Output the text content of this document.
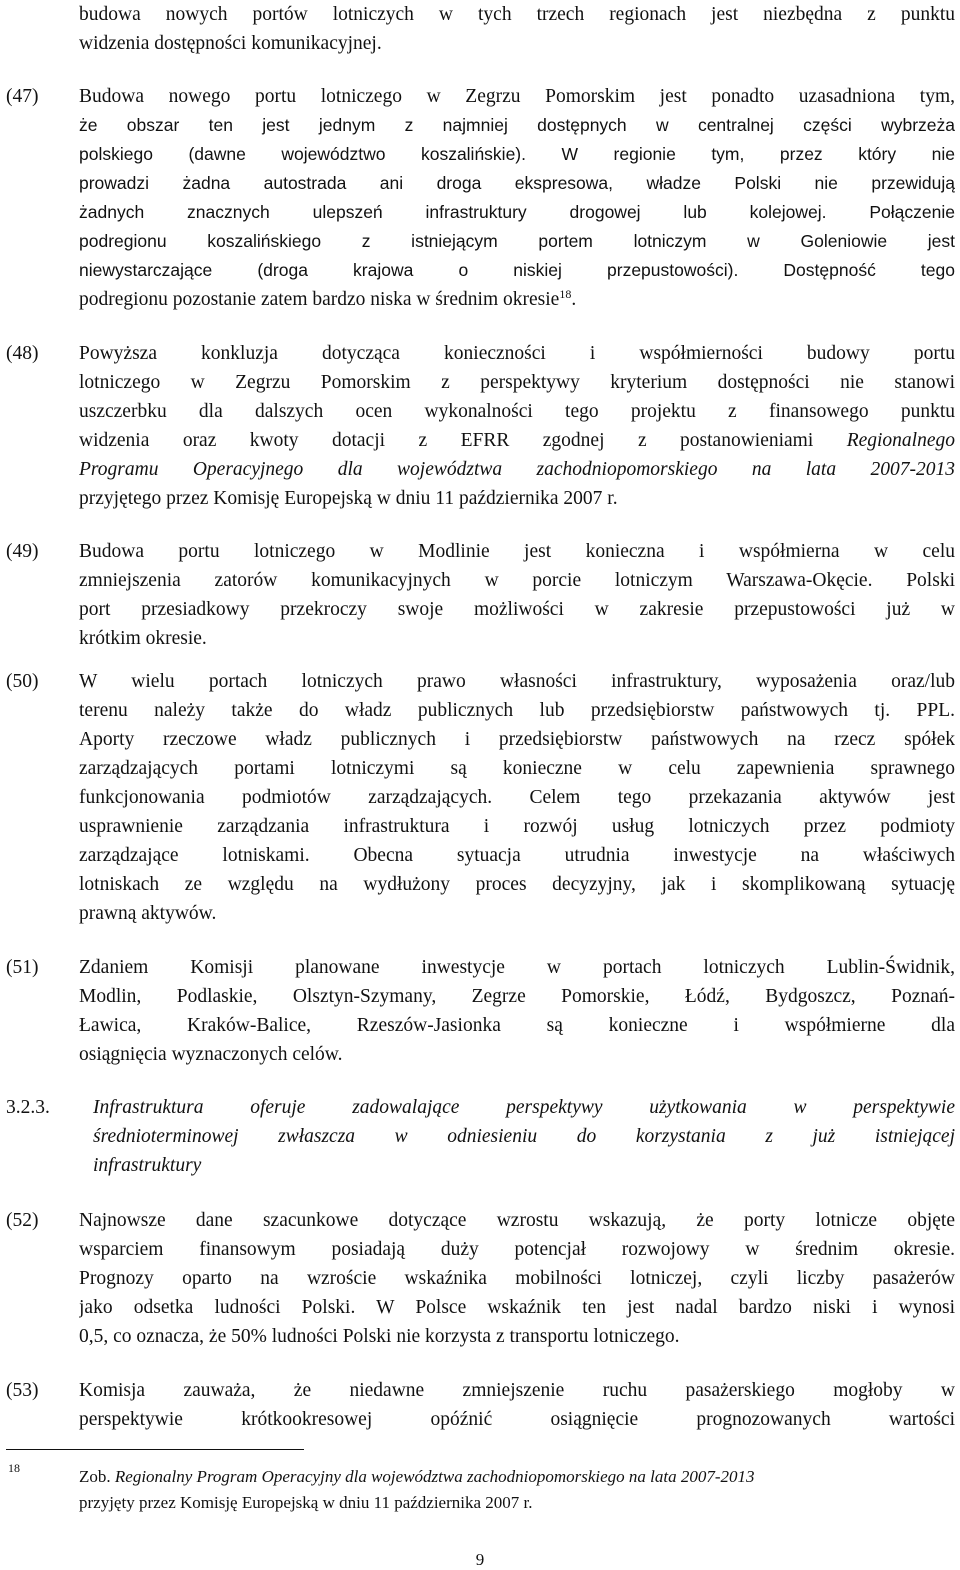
budowa nowych portów lotniczych w tych trzech regionach jest niezbędna z punktu
widzenia dostępności komunikacyjnej.
(47) Budowa nowego portu lotniczego w Zegrzu Pomorskim jest ponadto uzasadniona tym,
że obszar ten jest jednym z najmniej dostępnych w centralnej części wybrzeża
polskiego (dawne województwo koszalińskie). W regionie tym, przez który nie
prowadzi żadna autostrada ani droga ekspresowa, władze Polski nie przewidują
żadnych znacznych ulepszeń infrastruktury drogowej lub kolejowej. Połączenie
podregionu koszalińskiego z istniejącym portem lotniczym w Goleniowie jest
niewystarczające (droga krajowa o niskiej przepustowości). Dostępność tego
podregionu pozostanie zatem bardzo niska w średnim okresie$^{18}$.
(48) Powyższa konkluzja dotycząca konieczności i współmierności budowy portu
lotniczego w Zegrzu Pomorskim z perspektywy kryterium dostępności nie stanowi
uszczerbku dla dalszych ocen wykonalności tego projektu z finansowego punktu
widzenia oraz kwoty dotacji z EFRR zgodnej z postanowieniami Regionalnego
Programu Operacyjnego dla województwa zachodniopomorskiego na lata 2007-2013
przyjętego przez Komisję Europejską w dniu 11 października 2007 r.
(49) Budowa portu lotniczego w Modlinie jest konieczna i współmierna w celu
zmniejszenia zatorów komunikacyjnych w porcie lotniczym Warszawa-Okęcie. Polski
port przesiadkowy przekroczy swoje możliwości w zakresie przepustowości już w
krótkim okresie.
(50) W wielu portach lotniczych prawo własności infrastruktury, wyposażenia oraz/lub
terenu należy także do władz publicznych lub przedsiębiorstw państwowych tj. PPL.
Aporty rzeczowe władz publicznych i przedsiębiorstw państwowych na rzecz spółek
zarządzających portami lotniczymi są konieczne w celu zapewnienia sprawnego
funkcjonowania podmiotów zarządzających. Celem tego przekazania aktywów jest
usprawnienie zarządzania infrastruktura i rozwój usług lotniczych przez podmioty
zarządzające lotniskami. Obecna sytuacja utrudnia inwestycje na właściwych
lotniskach ze względu na wydłużony proces decyzyjny, jak i skomplikowaną sytuację
prawną aktywów.
(51) Zdaniem Komisji planowane inwestycje w portach lotniczych Lublin-Świdnik,
Modlin, Podlaskie, Olsztyn-Szymany, Zegrze Pomorskie, Łódź, Bydgoszcz, Poznań-
Ławica, Kraków-Balice, Rzeszów-Jasionka są konieczne i współmierne dla
osiągnięcia wyznaczonych celów.
3.2.3. Infrastruktura oferuje zadowalające perspektywy użytkowania w perspektywie
średnioterminowej zwłaszcza w odniesieniu do korzystania z już istniejącej
infrastruktury
(52) Najnowsze dane szacunkowe dotyczące wzrostu wskazują, że porty lotnicze objęte
wsparciem finansowym posiadają duży potencjał rozwojowy w średnim okresie.
Prognozy oparto na wzroście wskaźnika mobilności lotniczej, czyli liczby pasażerów
jako odsetka ludności Polski. W Polsce wskaźnik ten jest nadal bardzo niski i wynosi
0,5, co oznacza, że 50% ludności Polski nie korzysta z transportu lotniczego.
(53) Komisja zauważa, że niedawne zmniejszenie ruchu pasażerskiego mogłoby w
perspektywie krótkookresowej opóźnić osiągnięcie prognozowanych wartości
18	Zob. Regionalny Program Operacyjny dla województwa zachodniopomorskiego na lata 2007-2013
przyjęty przez Komisję Europejską w dniu 11 października 2007 r.
9
